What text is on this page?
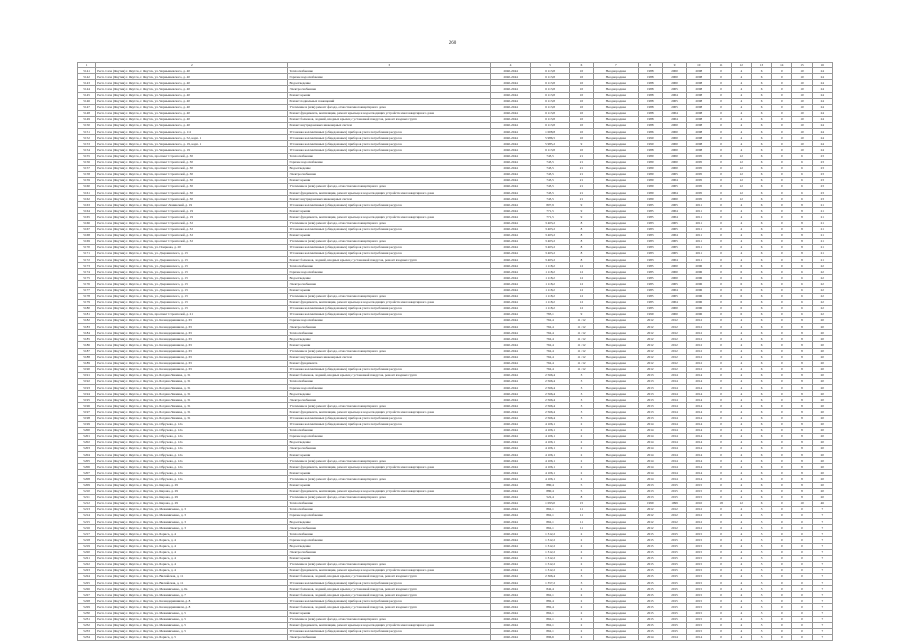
260
1	2	3	4	5	6	7	8	9	10	11	12	13	14	15	16
5141	Респ. Саха (Якутия) г. Якутск, г. Якутск, ул. Чернышевского, д. 40	Теплоснабжение	2040-2044	6 113,8	10	Неоднородная	1988	2000	2008	0	4	6	0	10	24
5142	Респ. Саха (Якутия) г. Якутск, г. Якутск, ул. Чернышевского, д. 40	Горячее водоснабжение	2040-2044	6 113,8	10	Неоднородная	1988	2000	2008	0	4	6	0	10	24
5143	Респ. Саха (Якутия) г. Якутск, г. Якутск, ул. Чернышевского, д. 40	Водоотведение	2040-2044	6 113,8	10	Неоднородная	1988	2000	2008	0	4	6	0	10	24
5144	Респ. Саха (Якутия) г. Якутск, г. Якутск, ул. Чернышевского, д. 40	Электроснабжение	2040-2044	6 113,8	10	Неоднородная	1988	2005	2008	0	4	6	0	10	24
5145	Респ. Саха (Якутия) г. Якутск, г. Якутск, ул. Чернышевского, д. 40	Ремонт крыши	2040-2044	6 113,8	10	Неоднородная	1988	2004	2008	0	4	6	0	10	24
5146	Респ. Саха (Якутия) г. Якутск, г. Якутск, ул. Чернышевского, д. 40	Ремонт подвальных помещений	2040-2044	6 113,8	10	Неоднородная	1988	2005	2008	0	4	6	0	10	24
5147	Респ. Саха (Якутия) г. Якутск, г. Якутск, ул. Чернышевского, д. 40	Утепление и (или) ремонт фасада, отмостки многоквартирного дома	2040-2044	6 113,8	10	Неоднородная	1988	2005	2008	0	4	6	0	10	24
5148	Респ. Саха (Якутия) г. Якутск, г. Якутск, ул. Чернышевского, д. 40	Ремонт фундамента, вентиляции, ремонт крыльца и водоотводящих устройств многоквартирного дома	2040-2044	6 113,8	10	Неоднородная	1988	2004	2008	0	4	6	0	10	24
5149	Респ. Саха (Якутия) г. Якутск, г. Якутск, ул. Чернышевского, д. 40	Ремонт балконов, лоджий, входных крылец с установкой пандусов, ремонт входных групп	2040-2044	6 113,8	10	Неоднородная	1988	2004	2008	0	4	6	0	10	24
5150	Респ. Саха (Якутия) г. Якутск, г. Якутск, ул. Чернышевского, д. 40	Ремонт внутридомовых инженерных систем	2040-2044	6 113,8	10	Неоднородная	1988	2000	2008	0	4	6	0	10	24
5151	Респ. Саха (Якутия) г. Якутск, г. Якутск, ул. Чернышевского, д. 1/4	Установка коллективных (общедомовых) приборов учета потребления ресурсов	2040-2044	1 008,8	10	Неоднородная	1986	2000	2008	0	4	6	0	10	24
5152	Респ. Саха (Якутия) г. Якутск, г. Якутск, ул. Чернышевского, д. 52, корп. 1	Установка коллективных (общедомовых) приборов учета потребления ресурсов	2040-2044	5 986,5	10	Неоднородная	1990	2000	2008	0	4	6	0	10	24
5153	Респ. Саха (Якутия) г. Якутск, г. Якутск, ул. Чернышевского, д. 19, корп. 1	Установка коллективных (общедомовых) приборов учета потребления ресурсов	2040-2044	5 985,2	9	Неоднородная	1990	2000	2008	0	4	6	0	10	24
5154	Респ. Саха (Якутия) г. Якутск, г. Якутск, ул. Чернышевского, д. 19	Установка коллективных (общедомовых) приборов учета потребления ресурсов	2040-2044	6 113,8	10	Неоднородная	1988	2000	2008	0	4	6	0	10	24
5155	Респ. Саха (Якутия) г. Якутск, г. Якутск, проспект Строителей, д. 30	Теплоснабжение	2040-2044	743,5	21	Неоднородная	1980	2000	2005	0	12	6	0	6	23
5156	Респ. Саха (Якутия) г. Якутск, г. Якутск, проспект Строителей, д. 30	Горячее водоснабжение	2040-2044	743,5	21	Неоднородная	1980	2000	2005	0	12	6	0	6	23
5157	Респ. Саха (Якутия) г. Якутск, г. Якутск, проспект Строителей, д. 30	Водоотведение	2040-2044	743,5	21	Неоднородная	1980	2000	2005	0	12	6	0	6	23
5158	Респ. Саха (Якутия) г. Якутск, г. Якутск, проспект Строителей, д. 30	Электроснабжение	2040-2044	743,5	21	Неоднородная	1980	2005	2005	0	12	6	0	6	23
5159	Респ. Саха (Якутия) г. Якутск, г. Якутск, проспект Строителей, д. 30	Ремонт крыши	2040-2044	743,5	21	Неоднородная	1980	2004	2005	0	12	6	0	6	23
5160	Респ. Саха (Якутия) г. Якутск, г. Якутск, проспект Строителей, д. 30	Утепление и (или) ремонт фасада, отмостки многоквартирного дома	2040-2044	743,5	21	Неоднородная	1980	2005	2005	0	12	6	0	6	23
5161	Респ. Саха (Якутия) г. Якутск, г. Якутск, проспект Строителей, д. 30	Ремонт фундамента, вентиляции, ремонт крыльца и водоотводящих устройств многоквартирного дома	2040-2044	743,5	21	Неоднородная	1980	2004	2005	0	12	6	0	6	23
5162	Респ. Саха (Якутия) г. Якутск, г. Якутск, проспект Строителей, д. 30	Ремонт внутридомовых инженерных систем	2040-2044	743,5	21	Неоднородная	1980	2000	2005	0	12	6	0	6	23
5163	Респ. Саха (Якутия) г. Якутск, г. Якутск, проспект Ленинский, д. 19	Установка коллективных (общедомовых) приборов учета потребления ресурсов	2040-2044	807,9	9	Неоднородная	1985	2005	2011	0	4	6	0	8	21
5164	Респ. Саха (Якутия) г. Якутск, г. Якутск, проспект Строителей, д. 19	Ремонт крыши	2040-2044	771,5	9	Неоднородная	1985	2004	2011	0	4	6	0	8	21
5165	Респ. Саха (Якутия) г. Якутск, г. Якутск, проспект Строителей, д. 19	Ремонт фундамента, вентиляции, ремонт крыльца и водоотводящих устройств многоквартирного дома	2040-2044	771,5	9	Неоднородная	1985	2004	2011	0	4	6	0	8	21
5166	Респ. Саха (Якутия) г. Якутск, г. Якутск, проспект Строителей, д. 32	Утепление и (или) ремонт фасада, отмостки многоквартирного дома	2040-2044	3 403,2	8	Неоднородная	1983	2005	2011	0	4	6	0	8	21
5167	Респ. Саха (Якутия) г. Якутск, г. Якутск, проспект Строителей, д. 32	Установка коллективных (общедомовых) приборов учета потребления ресурсов	2040-2044	3 403,2	8	Неоднородная	1983	2005	2011	0	4	6	0	8	21
5168	Респ. Саха (Якутия) г. Якутск, г. Якутск, проспект Строителей, д. 32	Ремонт крыши	2040-2044	3 403,2	8	Неоднородная	1983	2004	2011	0	4	6	0	8	21
5169	Респ. Саха (Якутия) г. Якутск, г. Якутск, проспект Строителей, д. 32	Утепление и (или) ремонт фасада, отмостки многоквартирного дома	2040-2044	3 403,2	8	Неоднородная	1983	2005	2011	0	4	6	0	8	21
5170	Респ. Саха (Якутия) г. Якутск, г. Якутск, ул. Пояркова, д. 20	Установка коллективных (общедомовых) приборов учета потребления ресурсов	2040-2044	3 403,2	8	Неоднородная	1983	2005	2011	0	4	6	0	8	21
5171	Респ. Саха (Якутия) г. Якутск, г. Якутск, ул. Дзержинского, д. 13	Установка коллективных (общедомовых) приборов учета потребления ресурсов	2040-2044	3 403,2	8	Неоднородная	1983	2005	2011	0	4	6	0	8	21
5172	Респ. Саха (Якутия) г. Якутск, г. Якутск, ул. Дзержинского, д. 13	Ремонт балконов, лоджий, входных крылец с установкой пандусов, ремонт входных групп	2040-2044	3 403,2	8	Неоднородная	1983	2004	2011	0	4	6	0	8	21
5173	Респ. Саха (Якутия) г. Якутск, г. Якутск, ул. Дзержинского, д. 13	Теплоснабжение	2040-2044	1 118,2	12	Неоднородная	1985	2000	2006	0	6	6	0	6	22
5174	Респ. Саха (Якутия) г. Якутск, г. Якутск, ул. Дзержинского, д. 13	Горячее водоснабжение	2040-2044	1 118,2	12	Неоднородная	1985	2000	2006	0	6	6	0	6	22
5175	Респ. Саха (Якутия) г. Якутск, г. Якутск, ул. Дзержинского, д. 13	Водоотведение	2040-2044	1 118,2	12	Неоднородная	1985	2000	2006	0	6	6	0	6	22
5176	Респ. Саха (Якутия) г. Якутск, г. Якутск, ул. Дзержинского, д. 13	Электроснабжение	2040-2044	1 118,2	12	Неоднородная	1985	2005	2006	0	6	6	0	6	22
5177	Респ. Саха (Якутия) г. Якутск, г. Якутск, ул. Дзержинского, д. 13	Ремонт крыши	2040-2044	1 118,2	12	Неоднородная	1985	2004	2006	0	6	6	0	6	22
5178	Респ. Саха (Якутия) г. Якутск, г. Якутск, ул. Дзержинского, д. 13	Утепление и (или) ремонт фасада, отмостки многоквартирного дома	2040-2044	1 118,2	12	Неоднородная	1985	2005	2006	0	6	6	0	6	22
5179	Респ. Саха (Якутия) г. Якутск, г. Якутск, ул. Дзержинского, д. 13	Ремонт фундамента, вентиляции, ремонт крыльца и водоотводящих устройств многоквартирного дома	2040-2044	1 118,2	12	Неоднородная	1985	2004	2006	0	6	6	0	6	22
5180	Респ. Саха (Якутия) г. Якутск, г. Якутск, ул. Дзержинского, д. 13	Установка коллективных (общедомовых) приборов учета потребления ресурсов	2040-2044	1 118,2	12	Неоднородная	1985	2000	2006	0	6	6	0	6	22
5181	Респ. Саха (Якутия) г. Якутск, г. Якутск, проспект Строителей, д. 21	Установка коллективных (общедомовых) приборов учета потребления ресурсов	2040-2044	783,1	9	Неоднородная	1999	2000	2006	0	6	6	0	6	22
5182	Респ. Саха (Якутия) г. Якутск, г. Якутск, ул. Каландаришвили, д. 65	Горячее водоснабжение	2040-2044	762,4	11 /12	Неоднородная	2012	2012	2012	0	4	6	0	8	20
5183	Респ. Саха (Якутия) г. Якутск, г. Якутск, ул. Каландаришвили, д. 65	Электроснабжение	2040-2044	762,4	11 /12	Неоднородная	2012	2012	2012	0	4	6	0	8	20
5184	Респ. Саха (Якутия) г. Якутск, г. Якутск, ул. Каландаришвили, д. 65	Теплоснабжение	2040-2044	762,4	11 /12	Неоднородная	2012	2012	2012	0	4	6	0	8	20
5185	Респ. Саха (Якутия) г. Якутск, г. Якутск, ул. Каландаришвили, д. 65	Водоотведение	2040-2044	762,4	11 /12	Неоднородная	2012	2012	2012	0	4	6	0	8	20
5186	Респ. Саха (Якутия) г. Якутск, г. Якутск, ул. Каландаришвили, д. 65	Ремонт крыши	2040-2044	762,4	11 /12	Неоднородная	2012	2012	2012	0	4	6	0	8	20
5187	Респ. Саха (Якутия) г. Якутск, г. Якутск, ул. Каландаришвили, д. 65	Утепление и (или) ремонт фасада, отмостки многоквартирного дома	2040-2044	762,4	11 /12	Неоднородная	2012	2012	2012	0	4	6	0	8	20
5188	Респ. Саха (Якутия) г. Якутск, г. Якутск, ул. Каландаришвили, д. 65	Ремонт внутридомовых инженерных систем	2040-2044	762,4	11 /12	Неоднородная	2012	2012	2012	0	4	6	0	8	20
5189	Респ. Саха (Якутия) г. Якутск, г. Якутск, ул. Каландаришвили, д. 65	Ремонт фундамента	2040-2044	762,4	11 /12	Неоднородная	2012	2012	2012	0	4	6	0	8	20
5190	Респ. Саха (Якутия) г. Якутск, г. Якутск, ул. Каландаришвили, д. 65	Установка коллективных (общедомовых) приборов учета потребления ресурсов	2040-2044	762,4	11 /12	Неоднородная	2012	2012	2012	0	4	6	0	8	20
5191	Респ. Саха (Якутия) г. Якутск, г. Якутск, ул. Богдана Чижика, д. 31	Ремонт балконов, лоджий, входных крылец с установкой пандусов, ремонт входных групп	2040-2044	2 566,4	3	Неоднородная	2013	2014	2014	0	4	6	0	8	20
5192	Респ. Саха (Якутия) г. Якутск, г. Якутск, ул. Богдана Чижика, д. 31	Теплоснабжение	2040-2044	2 566,4	3	Неоднородная	2013	2014	2014	0	4	6	0	8	20
5193	Респ. Саха (Якутия) г. Якутск, г. Якутск, ул. Богдана Чижика, д. 31	Горячее водоснабжение	2040-2044	2 566,4	3	Неоднородная	2013	2014	2014	0	4	6	0	8	20
5194	Респ. Саха (Якутия) г. Якутск, г. Якутск, ул. Богдана Чижика, д. 31	Водоотведение	2040-2044	2 566,4	3	Неоднородная	2013	2014	2014	0	4	6	0	8	20
5195	Респ. Саха (Якутия) г. Якутск, г. Якутск, ул. Богдана Чижика, д. 31	Электроснабжение	2040-2044	2 566,4	3	Неоднородная	2013	2014	2014	0	4	6	0	8	20
5196	Респ. Саха (Якутия) г. Якутск, г. Якутск, ул. Богдана Чижика, д. 31	Утепление и (или) ремонт фасада, отмостки многоквартирного дома	2040-2044	2 566,4	3	Неоднородная	2013	2014	2014	0	4	6	0	8	20
5197	Респ. Саха (Якутия) г. Якутск, г. Якутск, ул. Богдана Чижика, д. 31	Ремонт фундамента, вентиляции, ремонт крыльца и водоотводящих устройств многоквартирного дома	2040-2044	2 566,4	3	Неоднородная	2013	2014	2014	0	4	6	0	8	20
5198	Респ. Саха (Якутия) г. Якутск, г. Якутск, ул. Богдана Чижика, д. 31	Установка коллективных (общедомовых) приборов учета потребления ресурсов	2040-2044	2 566,4	3	Неоднородная	2013	2014	2014	0	4	6	0	8	20
5199	Респ. Саха (Якутия) г. Якутск, г. Якутск, ул. Обручева, д. 12а	Установка коллективных (общедомовых) приборов учета потребления ресурсов	2040-2044	4 106,1	2	Неоднородная	2014	2014	2014	0	4	6	0	8	20
5200	Респ. Саха (Якутия) г. Якутск, г. Якутск, ул. Обручева, д. 12а	Теплоснабжение	2040-2044	4 106,1	2	Неоднородная	2014	2014	2014	0	4	6	0	8	20
5201	Респ. Саха (Якутия) г. Якутск, г. Якутск, ул. Обручева, д. 12а	Горячее водоснабжение	2040-2044	4 106,1	2	Неоднородная	2014	2014	2014	0	4	6	0	8	20
5202	Респ. Саха (Якутия) г. Якутск, г. Якутск, ул. Обручева, д. 12а	Водоотведение	2040-2044	4 106,1	2	Неоднородная	2014	2014	2014	0	4	6	0	8	20
5203	Респ. Саха (Якутия) г. Якутск, г. Якутск, ул. Обручева, д. 12а	Электроснабжение	2040-2044	4 106,1	2	Неоднородная	2014	2014	2014	0	4	6	0	8	20
5204	Респ. Саха (Якутия) г. Якутск, г. Якутск, ул. Обручева, д. 12а	Ремонт крыши	2040-2044	4 106,1	2	Неоднородная	2014	2014	2014	0	4	6	0	8	20
5205	Респ. Саха (Якутия) г. Якутск, г. Якутск, ул. Обручева, д. 12а	Утепление и (или) ремонт фасада, отмостки многоквартирного дома	2040-2044	4 106,1	2	Неоднородная	2014	2014	2014	0	4	6	0	8	20
5206	Респ. Саха (Якутия) г. Якутск, г. Якутск, ул. Обручева, д. 12а	Ремонт фундамента, вентиляции, ремонт крыльца и водоотводящих устройств многоквартирного дома	2040-2044	4 106,1	2	Неоднородная	2014	2014	2014	0	4	6	0	8	20
5207	Респ. Саха (Якутия) г. Якутск, г. Якутск, ул. Обручева, д. 12а	Ремонт крыши	2040-2044	4 106,1	2	Неоднородная	2014	2014	2014	0	4	6	0	8	20
5208	Респ. Саха (Якутия) г. Якутск, г. Якутск, ул. Обручева, д. 12а	Утепление и (или) ремонт фасада, отмостки многоквартирного дома	2040-2044	4 106,1	2	Неоднородная	2014	2014	2014	0	4	6	0	8	20
5209	Респ. Саха (Якутия) г. Якутск, г. Якутск, ул. Кирова, д. 29	Ремонт крыши	2040-2044	880,4	5	Неоднородная	2013	2015	2015	0	4	6	0	8	20
5210	Респ. Саха (Якутия) г. Якутск, г. Якутск, ул. Кирова, д. 29	Ремонт фундамента, вентиляции, ремонт крыльца и водоотводящих устройств многоквартирного дома	2040-2044	880,4	5	Неоднородная	2013	2015	2015	0	4	6	0	8	20
5211	Респ. Саха (Якутия) г. Якутск, г. Якутск, ул. Кирова, д. 29	Утепление и (или) ремонт фасада, отмостки многоквартирного дома	2040-2044	522,4	8	Неоднородная	2013	2015	2015	0	4	6	0	8	20
5212	Респ. Саха (Якутия) г. Якутск, г. Якутск, ул. Кирова, д. 29	Теплоснабжение	2040-2044	1 093,0	15	Неоднородная	1999	1999	2010	18	12	6	0	10	46
5213	Респ. Саха (Якутия) г. Якутск, г. Якутск, ул. Межиниченко, д. 3	Теплоснабжение	2040-2044	862,1	11	Неоднородная	2012	2012	2012	0	4	3	0	0	7
5214	Респ. Саха (Якутия) г. Якутск, г. Якутск, ул. Межиниченко, д. 3	Горячее водоснабжение	2040-2044	862,1	11	Неоднородная	2012	2012	2012	0	4	3	0	0	7
5215	Респ. Саха (Якутия) г. Якутск, г. Якутск, ул. Межиниченко, д. 3	Водоотведение	2040-2044	862,1	11	Неоднородная	2012	2012	2012	0	4	3	0	0	7
5216	Респ. Саха (Якутия) г. Якутск, г. Якутск, ул. Межиниченко, д. 3	Электроснабжение	2040-2044	862,1	11	Неоднородная	2012	2012	2012	0	4	3	0	0	7
5217	Респ. Саха (Якутия) г. Якутск, г. Якутск, ул. Бориса, д. 4	Теплоснабжение	2040-2044	1 312,2	2	Неоднородная	2015	2015	2015	0	4	3	0	0	7
5218	Респ. Саха (Якутия) г. Якутск, г. Якутск, ул. Бориса, д. 4	Горячее водоснабжение	2040-2044	1 312,2	2	Неоднородная	2015	2015	2015	0	4	3	0	0	7
5219	Респ. Саха (Якутия) г. Якутск, г. Якутск, ул. Бориса, д. 4	Водоотведение	2040-2044	1 312,2	2	Неоднородная	2015	2015	2015	0	4	3	0	0	7
5220	Респ. Саха (Якутия) г. Якутск, г. Якутск, ул. Бориса, д. 4	Электроснабжение	2040-2044	1 312,2	2	Неоднородная	2015	2015	2015	0	4	3	0	0	7
5221	Респ. Саха (Якутия) г. Якутск, г. Якутск, ул. Бориса, д. 4	Ремонт крыши	2040-2044	1 312,2	2	Неоднородная	2015	2015	2015	0	4	3	0	0	7
5222	Респ. Саха (Якутия) г. Якутск, г. Якутск, ул. Бориса, д. 4	Утепление и (или) ремонт фасада, отмостки многоквартирного дома	2040-2044	1 312,2	2	Неоднородная	2015	2015	2015	0	4	3	0	0	7
5223	Респ. Саха (Якутия) г. Якутск, г. Якутск, ул. Бориса, д. 4	Ремонт фундамента, вентиляции, ремонт крыльца и водоотводящих устройств многоквартирного дома	2040-2044	1 312,2	2	Неоднородная	2015	2015	2015	0	4	3	0	0	7
5224	Респ. Саха (Якутия) г. Якутск, г. Якутск, ул. Вилюйская, д. 11	Ремонт балконов, лоджий, входных крылец с установкой пандусов, ремонт входных групп	2040-2044	2 366,4	3	Неоднородная	2015	2015	2015	0	4	3	0	0	7
5225	Респ. Саха (Якутия) г. Якутск, г. Якутск, ул. Вилюйская, д. 11	Установка коллективных (общедомовых) приборов учета потребления ресурсов	2040-2044	1 357,2	3	Неоднородная	2015	2015	2015	0	4	3	0	0	7
5226	Респ. Саха (Якутия) г. Якутск, г. Якутск, ул. Межиниченко, д. 6а	Ремонт балконов, лоджий, входных крылец с установкой пандусов, ремонт входных групп	2040-2044	842,4	2	Неоднородная	2015	2015	2015	0	4	3	0	0	7
5227	Респ. Саха (Якутия) г. Якутск, г. Якутск, ул. Межиниченко, д. 7	Ремонт балконов, лоджий, входных крылец с установкой пандусов, ремонт входных групп	2040-2044	862,1	2	Неоднородная	2015	2015	2015	0	4	3	0	0	7
5228	Респ. Саха (Якутия) г. Якутск, г. Якутск, ул. Каландаришвили, д. 8	Установка коллективных (общедомовых) приборов учета потребления ресурсов	2040-2044	882,4	2	Неоднородная	2015	2015	2015	0	4	3	0	0	7
5229	Респ. Саха (Якутия) г. Якутск, г. Якутск, ул. Каландаришвили, д. 8	Ремонт балконов, лоджий, входных крылец с установкой пандусов, ремонт входных групп	2040-2044	882,4	2	Неоднородная	2015	2015	2015	0	4	3	0	0	7
5230	Респ. Саха (Якутия) г. Якутск, г. Якутск, ул. Межиниченко, д. 5	Ремонт крыши	2040-2044	862,1	2	Неоднородная	2015	2015	2015	0	4	3	0	0	7
5231	Респ. Саха (Якутия) г. Якутск, г. Якутск, ул. Межиниченко, д. 5	Утепление и (или) ремонт фасада, отмостки многоквартирного дома	2040-2044	862,1	2	Неоднородная	2015	2015	2015	0	4	3	0	0	7
5232	Респ. Саха (Якутия) г. Якутск, г. Якутск, ул. Межиниченко, д. 5	Ремонт фундамента, вентиляции, ремонт крыльца и водоотводящих устройств многоквартирного дома	2040-2044	862,1	2	Неоднородная	2015	2015	2015	0	4	3	0	0	7
5233	Респ. Саха (Якутия) г. Якутск, г. Якутск, ул. Межиниченко, д. 5	Установка коллективных (общедомовых) приборов учета потребления ресурсов	2040-2044	862,1	2	Неоднородная	2015	2015	2015	0	4	3	0	0	7
5234	Респ. Саха (Якутия) г. Якутск, г. Якутск, ул. Бориса, д. 5	Электроснабжение	2040-2044	896,6	2	Неоднородная	2014	2014	2014	0	4	3	0	0	7
